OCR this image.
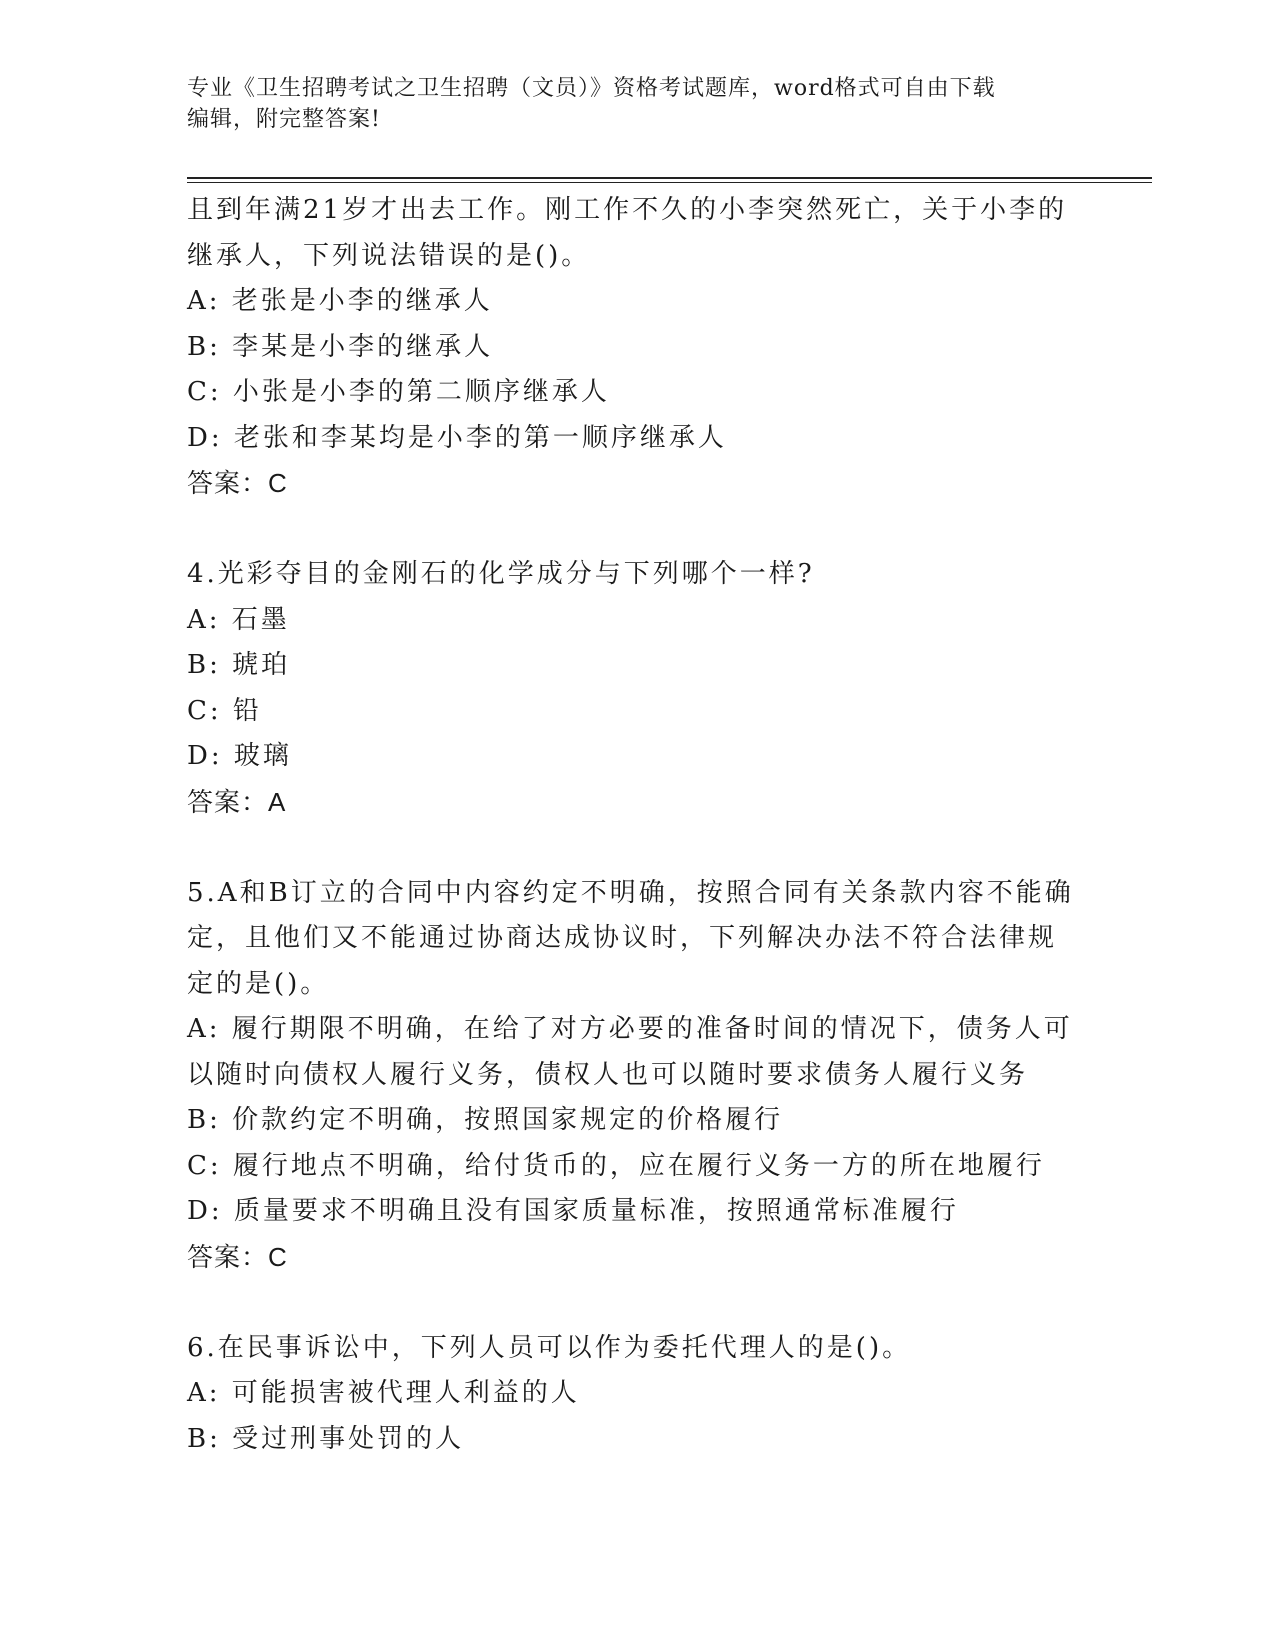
专业《卫生招聘考试之卫生招聘（文员）》资格考试题库，word格式可自由下载
编辑，附完整答案!
且到年满21岁才出去工作。刚工作不久的小李突然死亡，关于小李的
继承人，下列说法错误的是()。
A: 老张是小李的继承人
B: 李某是小李的继承人
C: 小张是小李的第二顺序继承人
D: 老张和李某均是小李的第一顺序继承人
答案：C
4.光彩夺目的金刚石的化学成分与下列哪个一样?
A: 石墨
B: 琥珀
C: 铅
D: 玻璃
答案：A
5.A和B订立的合同中内容约定不明确，按照合同有关条款内容不能确
定，且他们又不能通过协商达成协议时，下列解决办法不符合法律规
定的是()。
A: 履行期限不明确，在给了对方必要的准备时间的情况下，债务人可
以随时向债权人履行义务，债权人也可以随时要求债务人履行义务
B: 价款约定不明确，按照国家规定的价格履行
C: 履行地点不明确，给付货币的，应在履行义务一方的所在地履行
D: 质量要求不明确且没有国家质量标准，按照通常标准履行
答案：C
6.在民事诉讼中，下列人员可以作为委托代理人的是()。
A: 可能损害被代理人利益的人
B: 受过刑事处罚的人
